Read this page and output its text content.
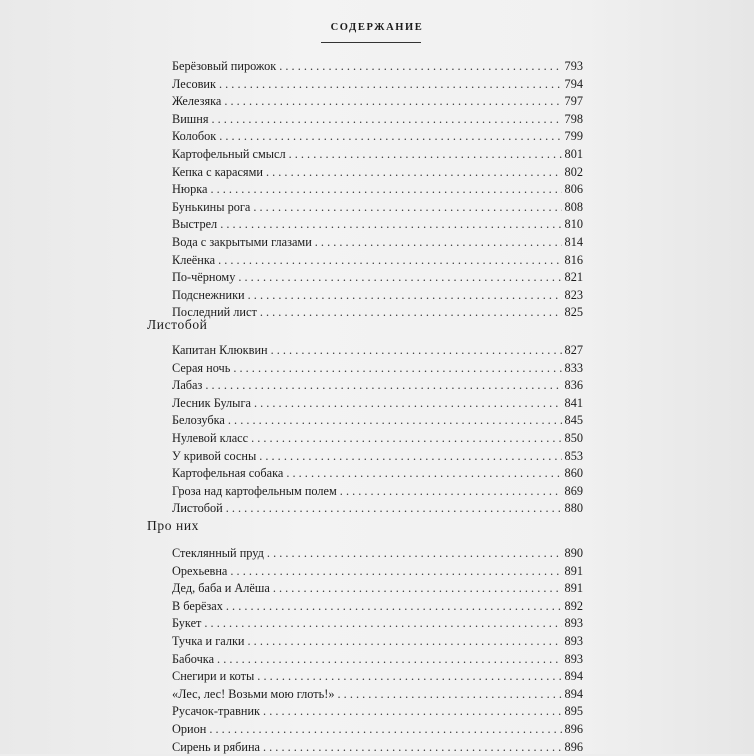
СОДЕРЖАНИЕ
Берёзовый пирожок . . .	793
Лесовик . . .	794
Железяка . . .	797
Вишня . . .	798
Колобок . . .	799
Картофельный смысл . . .	801
Кепка с карасями . . .	802
Нюрка . . .	806
Бунькины рога . . .	808
Выстрел . . .	810
Вода с закрытыми глазами . . .	814
Клеёнка . . .	816
По-чёрному . . .	821
Подснежники . . .	823
Последний лист . . .	825
Листобой
Капитан Клюквин . . .	827
Серая ночь . . .	833
Лабаз . . .	836
Лесник Булыга . . .	841
Белозубка . . .	845
Нулевой класс . . .	850
У кривой сосны . . .	853
Картофельная собака . . .	860
Гроза над картофельным полем . . .	869
Листобой . . .	880
Про них
Стеклянный пруд . . .	890
Орехьевна . . .	891
Дед, баба и Алёша . . .	891
В берёзах . . .	892
Букет . . .	893
Тучка и галки . . .	893
Бабочка . . .	893
Снегири и коты . . .	894
«Лес, лес! Возьми мою глоть!» . . .	894
Русачок-травник . . .	895
Орион . . .	896
Сирень и рябина . . .	896
